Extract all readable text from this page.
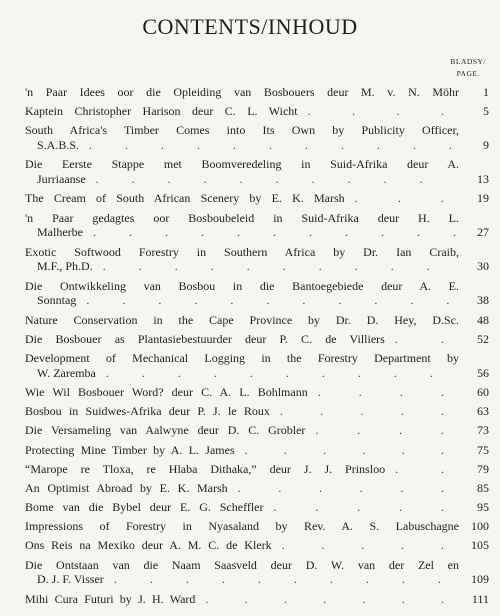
CONTENTS/INHOUD
BLADSY/
PAGE.
'n Paar Idees oor die Opleiding van Bosbouers deur M. v. N. Möhr	1
Kaptein Christopher Harison deur C. L. Wicht . . . .	5
South Africa's Timber Comes into Its Own by Publicity Officer,
S.A.B.S. . . . . . . . . . . .	9
Die Eerste Stappe met Boomveredeling in Suid-Afrika deur A.
Jurriaanse . . . . . . . . . .	13
The Cream of South African Scenery by E. K. Marsh . . .	19
'n Paar gedagtes oor Bosboubeleid in Suid-Afrika deur H. L.
Malherbe . . . . . . . . . . . 27
Exotic Softwood Forestry in Southern Africa by Dr. Ian Craib,
M.F., Ph.D. . . . . . . . . . .	30
Die Ontwikkeling van Bosbou in die Bantoegebiede deur A. E.
Sonntag . . . . . . . . . . .	38
Nature Conservation in the Cape Province by Dr. D. Hey, D.Sc.	48
Die Bosbouer as Plantasiebestuurder deur P. C. de Villiers . .	52
Development of Mechanical Logging in the Forestry Department by
W. Zaremba . . . . . . . . . .	56
Wie Wil Bosbouer Word? deur C. A. L. Bohlmann . . . .	60
Bosbou in Suidwes-Afrika deur P. J. le Roux . . . . .	63
Die Versameling van Aalwyne deur D. C. Grobler . . . .	73
Protecting Mine Timber by A. L. James . . . . . .	75
“Marope re Tloxa, re Hlaba Dithaka,” deur J. J. Prinsloo . .	79
An Optimist Abroad by E. K. Marsh . . . . . .	85
Bome van die Bybel deur E. G. Scheffler . . . . .	95
Impressions of Forestry in Nyasaland by Rev. A. S. Labuschagne	100
Ons Reis na Mexiko deur A. M. C. de Klerk . . . . .	105
Die Ontstaan van die Naam Saasveld deur D. W. van der Zel en
D. J. F. Visser . . . . . . . . . .	109
Mihi Cura Futuri by J. H. Ward . . . . . . .	111
